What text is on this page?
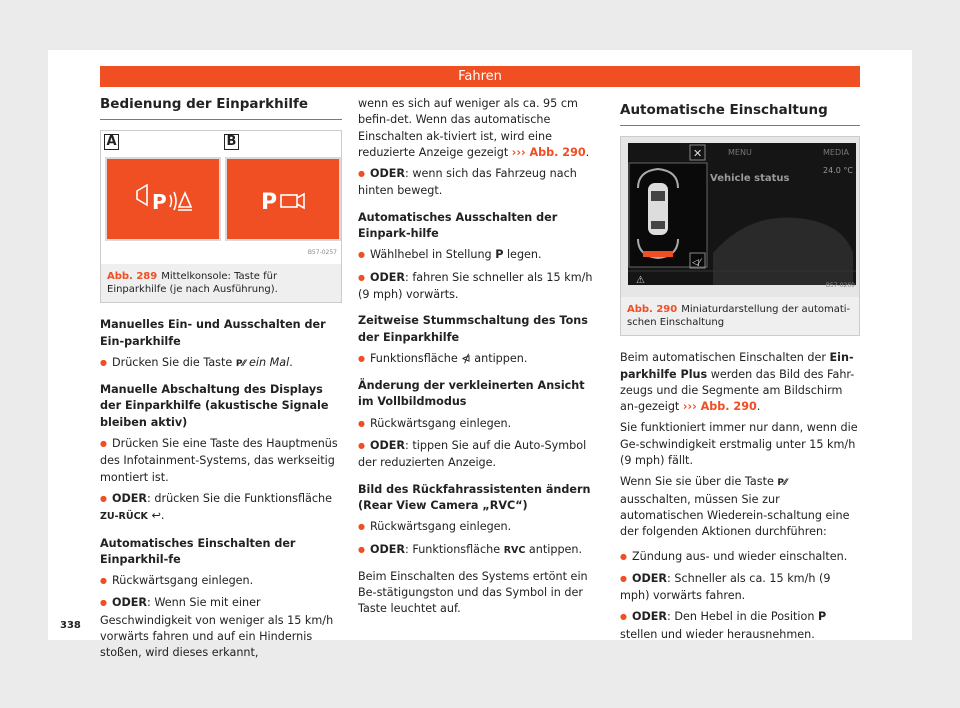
Fahren
Bedienung der Einparkhilfe
A	B
P	P
B57-0257
Abb. 289 Mittelkonsole: Taste für Einparkhilfe (je nach Ausführung).
Manuelles Ein- und Ausschalten der Ein-parkhilfe

● Drücken Sie die Taste P⁄⁄ ein Mal.

Manuelle Abschaltung des Displays der Einparkhilfe (akustische Signale bleiben aktiv)

● Drücken Sie eine Taste des Hauptmenüs des Infotainment-Systems, das werkseitig montiert ist.

● ODER: drücken Sie die Funktionsfläche ZU-RÜCK ↩.

Automatisches Einschalten der Einparkhil-fe

● Rückwärtsgang einlegen.

● ODER: Wenn Sie mit einer Geschwindigkeit von weniger als 15 km/h vorwärts fahren und auf ein Hindernis stoßen, wird dieses erkannt,

wenn es sich auf weniger als ca. 95 cm befin-det. Wenn das automatische Einschalten ak-tiviert ist, wird eine reduzierte Anzeige gezeigt ››› Abb. 290.

● ODER: wenn sich das Fahrzeug nach hinten bewegt.

Automatisches Ausschalten der Einpark-hilfe

● Wählhebel in Stellung P legen.

● ODER: fahren Sie schneller als 15 km/h (9 mph) vorwärts.

Zeitweise Stummschaltung des Tons der Einparkhilfe

● Funktionsfläche ⋪ antippen.

Änderung der verkleinerten Ansicht im Vollbildmodus

● Rückwärtsgang einlegen.

● ODER: tippen Sie auf die Auto-Symbol der reduzierten Anzeige.

Bild des Rückfahrassistenten ändern (Rear View Camera „RVC“)

● Rückwärtsgang einlegen.

● ODER: Funktionsfläche RVC antippen.

Beim Einschalten des Systems ertönt ein Be-stätigungston und das Symbol in der Taste leuchtet auf.

Automatische Einschaltung
MENU	MEDIA
Vehicle status
24.0 °C
✕
◁⁄
⚠	B57-0269
Abb. 290 Miniaturdarstellung der automati-schen Einschaltung

Beim automatischen Einschalten der Ein-parkhilfe Plus werden das Bild des Fahr-zeugs und die Segmente am Bildschirm an-gezeigt ››› Abb. 290.

Sie funktioniert immer nur dann, wenn die Ge-schwindigkeit erstmalig unter 15 km/h (9 mph) fällt.

Wenn Sie sie über die Taste P⁄⁄ ausschalten, müssen Sie zur automatischen Wiederein-schaltung eine der folgenden Aktionen durchführen:

● Zündung aus- und wieder einschalten.

● ODER: Schneller als ca. 15 km/h (9 mph) vorwärts fahren.

● ODER: Den Hebel in die Position P stellen und wieder herausnehmen.

338
